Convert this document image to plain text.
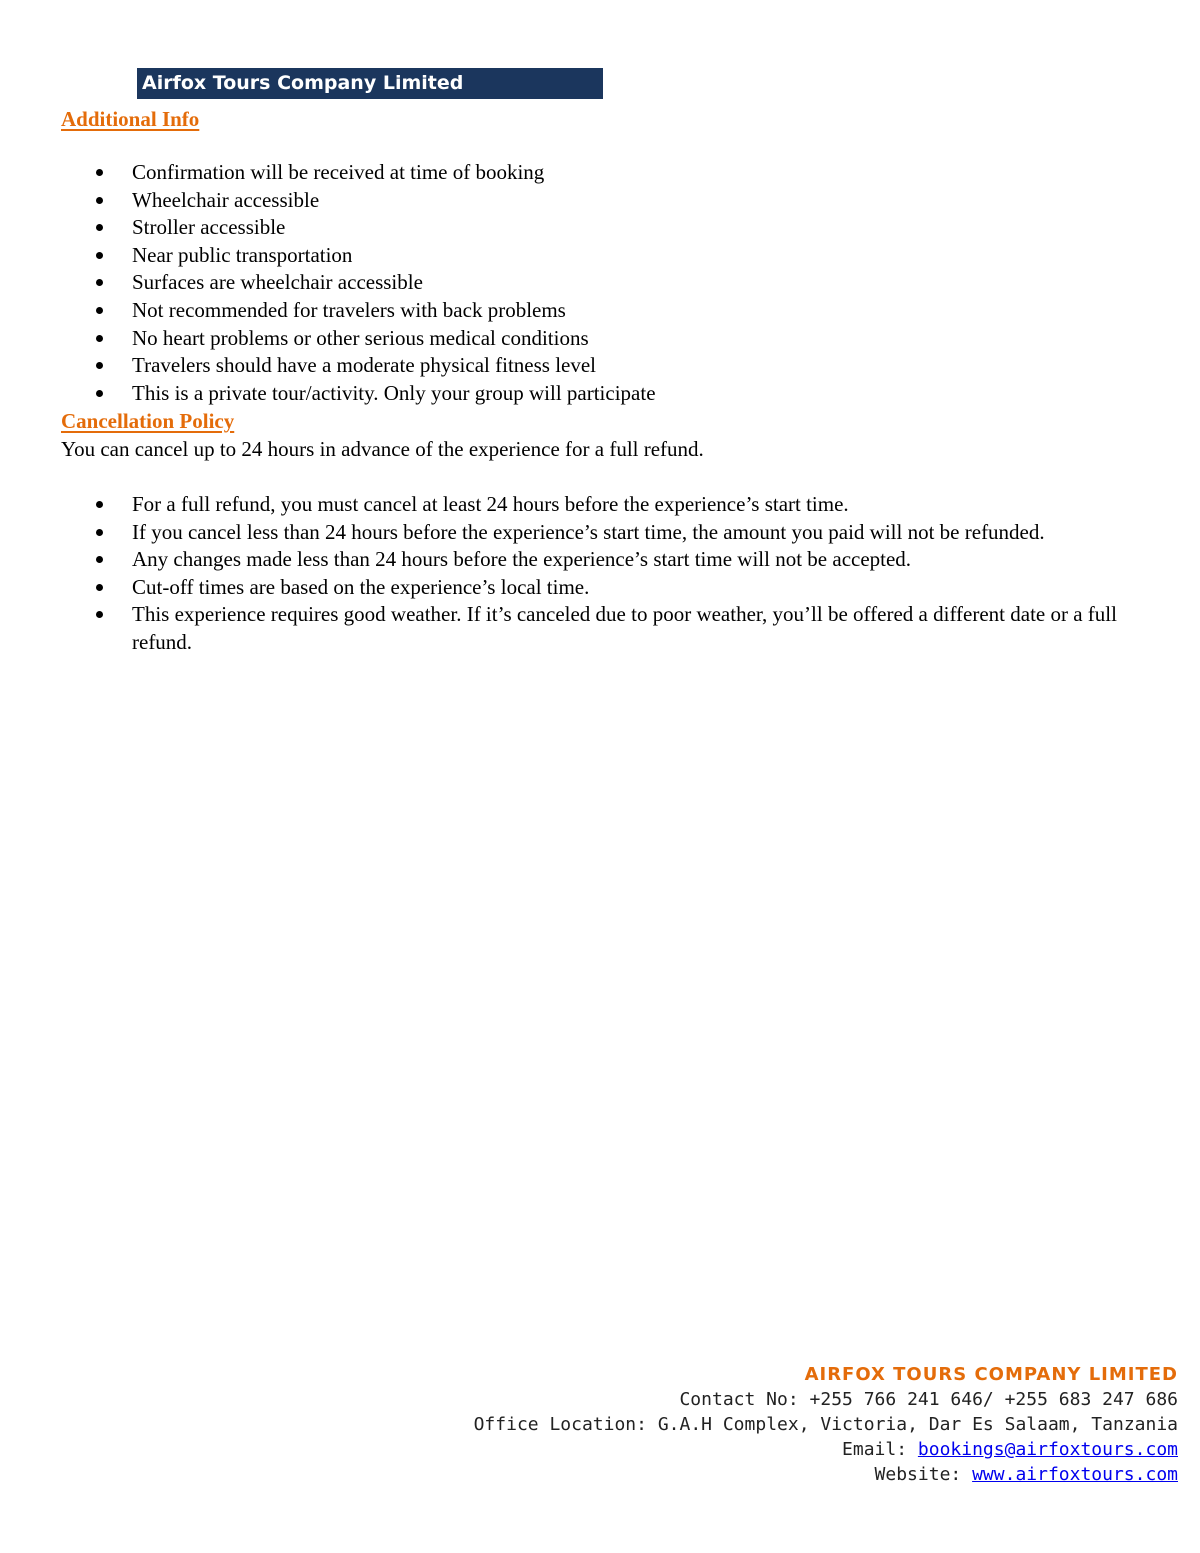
Airfox Tours Company Limited
Additional Info
Confirmation will be received at time of booking
Wheelchair accessible
Stroller accessible
Near public transportation
Surfaces are wheelchair accessible
Not recommended for travelers with back problems
No heart problems or other serious medical conditions
Travelers should have a moderate physical fitness level
This is a private tour/activity. Only your group will participate
Cancellation Policy
You can cancel up to 24 hours in advance of the experience for a full refund.
For a full refund, you must cancel at least 24 hours before the experience’s start time.
If you cancel less than 24 hours before the experience’s start time, the amount you paid will not be refunded.
Any changes made less than 24 hours before the experience’s start time will not be accepted.
Cut-off times are based on the experience’s local time.
This experience requires good weather. If it’s canceled due to poor weather, you’ll be offered a different date or a full refund.
AIRFOX TOURS COMPANY LIMITED
Contact No: +255 766 241 646/ +255 683 247 686
Office Location: G.A.H Complex, Victoria, Dar Es Salaam, Tanzania
Email: bookings@airfoxtours.com
Website: www.airfoxtours.com
